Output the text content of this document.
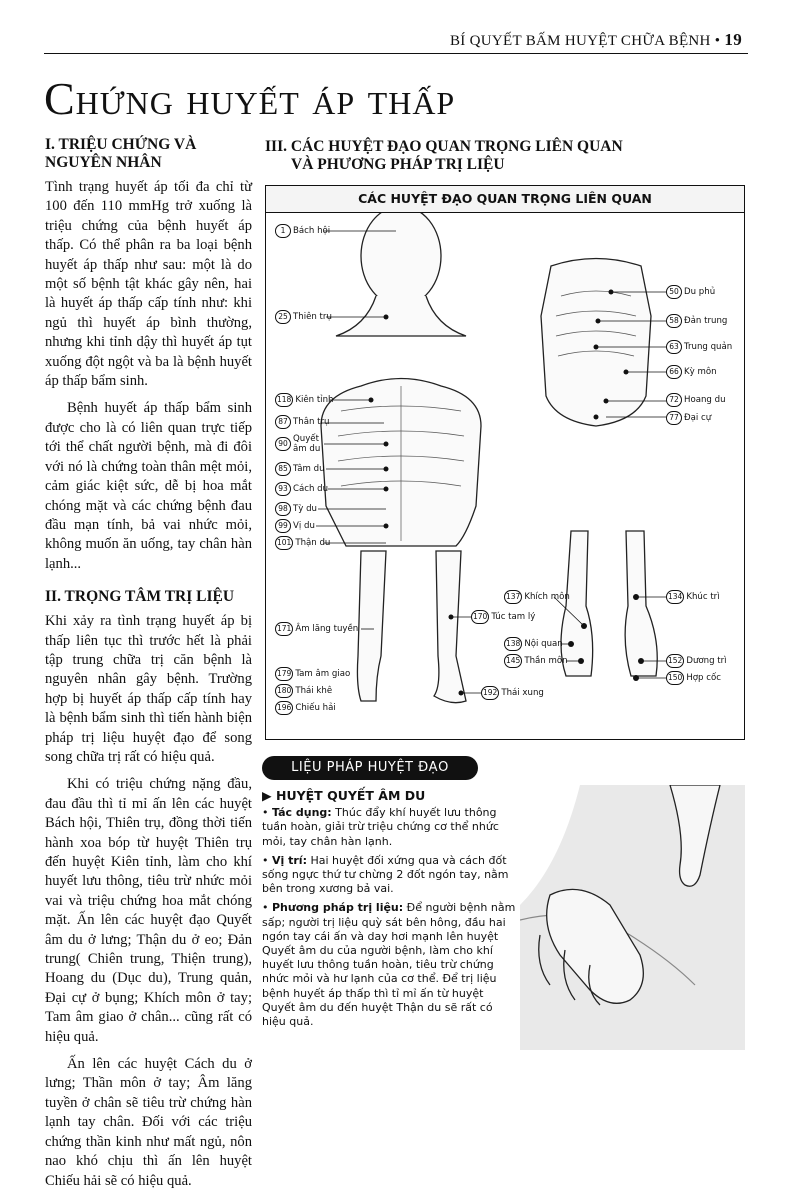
BÍ QUYẾT BẤM HUYỆT CHỮA BỆNH • 19
Chứng huyết áp thấp
I. TRIỆU CHỨNG VÀ NGUYÊN NHÂN

Tình trạng huyết áp tối đa chỉ từ 100 đến 110 mmHg trở xuống là triệu chứng của bệnh huyết áp thấp. Có thể phân ra ba loại bệnh huyết áp thấp như sau: một là do một số bệnh tật khác gây nên, hai là huyết áp thấp cấp tính như: khi ngủ thì huyết áp bình thường, nhưng khi tỉnh dậy thì huyết áp tụt xuống đột ngột và ba là bệnh huyết áp thấp bẩm sinh.

Bệnh huyết áp thấp bẩm sinh được cho là có liên quan trực tiếp tới thể chất người bệnh, mà đi đôi với nó là chứng toàn thân mệt mỏi, cảm giác kiệt sức, dễ bị hoa mắt chóng mặt và các chứng bệnh đau đầu mạn tính, bả vai nhức mỏi, không muốn ăn uống, tay chân hàn lạnh...

II. TRỌNG TÂM TRỊ LIỆU

Khi xảy ra tình trạng huyết áp bị thấp liên tục thì trước hết là phải tập trung chữa trị căn bệnh là nguyên nhân gây bệnh. Trường hợp bị huyết áp thấp cấp tính hay là bệnh bẩm sinh thì tiến hành biện pháp trị liệu huyệt đạo để song song chữa trị rất có hiệu quả.

Khi có triệu chứng nặng đầu, đau đầu thì tỉ mỉ ấn lên các huyệt Bách hội, Thiên trụ, đồng thời tiến hành xoa bóp từ huyệt Thiên trụ đến huyệt Kiên tỉnh, làm cho khí huyết lưu thông, tiêu trừ nhức mỏi vai và triệu chứng hoa mắt chóng mặt. Ấn lên các huyệt đạo Quyết âm du ở lưng; Thận du ở eo; Đản trung( Chiên trung, Thiện trung), Hoang du (Dục du), Trung quản, Đại cự ở bụng; Khích môn ở tay; Tam âm giao ở chân... cũng rất có hiệu quả.

Ấn lên các huyệt Cách du ở lưng; Thần môn ở tay; Âm lăng tuyền ở chân sẽ tiêu trừ chứng hàn lạnh tay chân. Đối với các triệu chứng thần kinh như mất ngủ, nôn nao khó chịu thì ấn lên huyệt Chiếu hải sẽ có hiệu quả.

III. CÁC HUYỆT ĐẠO QUAN TRỌNG LIÊN QUAN
VÀ PHƯƠNG PHÁP TRỊ LIỆU
CÁC HUYỆT ĐẠO QUAN TRỌNG LIÊN QUAN
1 Bách hội
25 Thiên trụ
118 Kiên tỉnh
87 Thân trụ
90 Quyết âm du
85 Tâm du
93 Cách du
98 Tỳ du
99 Vị du
101 Thận du
171 Âm lăng tuyền
179 Tam âm giao
180 Thái khê
196 Chiếu hải
170 Túc tam lý
192 Thái xung
137 Khích môn
138 Nội quan
145 Thần môn
134 Khúc trì
152 Dương trì
150 Hợp cốc
50 Du phủ
58 Đản trung
63 Trung quản
66 Kỳ môn
72 Hoang du
77 Đại cự
LIỆU PHÁP HUYỆT ĐẠO
▶ HUYỆT QUYẾT ÂM DU

• Tác dụng: Thúc đẩy khí huyết lưu thông tuần hoàn, giải trừ triệu chứng cơ thể nhức mỏi, tay chân hàn lạnh.

• Vị trí: Hai huyệt đối xứng qua và cách đốt sống ngực thứ tư chừng 2 đốt ngón tay, nằm bên trong xương bả vai.

• Phương pháp trị liệu: Để người bệnh nằm sấp; người trị liệu quỳ sát bên hông, đầu hai ngón tay cái ấn và day hơi mạnh lên huyệt Quyết âm du của người bệnh, làm cho khí huyết lưu thông tuần hoàn, tiêu trừ chứng nhức mỏi và hư lạnh của cơ thể. Để trị liệu bệnh huyết áp thấp thì tỉ mỉ ấn từ huyệt Quyết âm du đến huyệt Thận du sẽ rất có hiệu quả.
